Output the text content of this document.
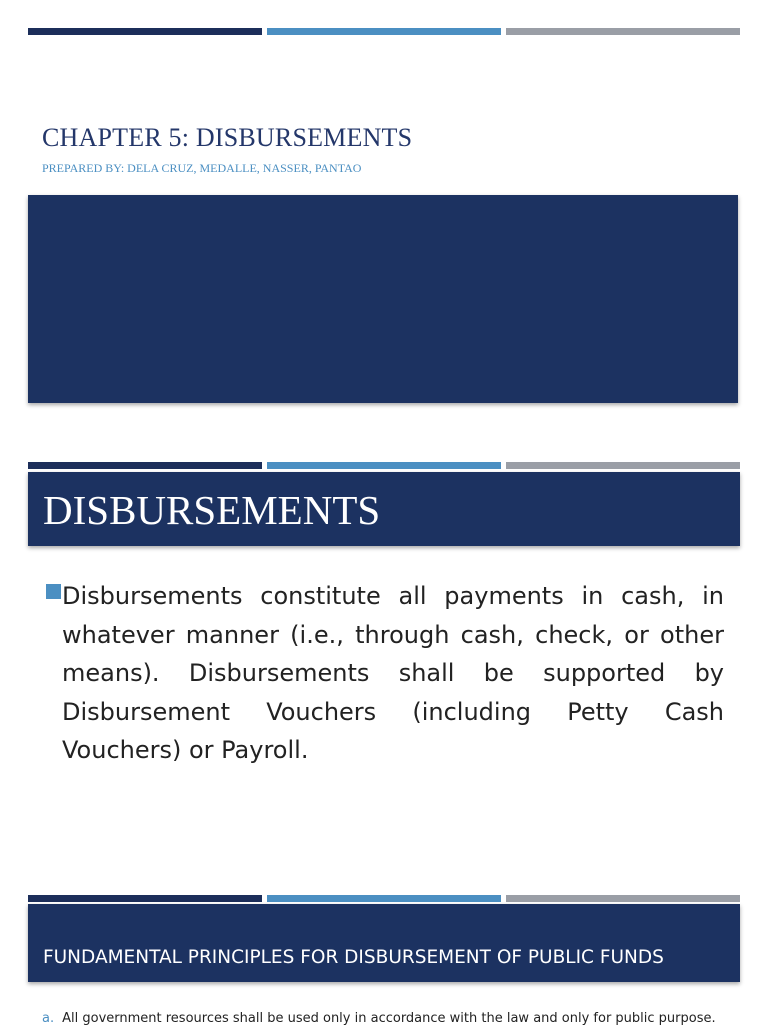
CHAPTER 5: DISBURSEMENTS

PREPARED BY: DELA CRUZ, MEDALLE, NASSER, PANTAO

DISBURSEMENTS

Disbursements constitute all payments in cash, in whatever manner (i.e., through cash, check, or other means). Disbursements shall be supported by Disbursement Vouchers (including Petty Cash Vouchers) or Payroll.

FUNDAMENTAL PRINCIPLES FOR DISBURSEMENT OF PUBLIC FUNDS

a. All government resources shall be used only in accordance with the law and only for public purpose.
